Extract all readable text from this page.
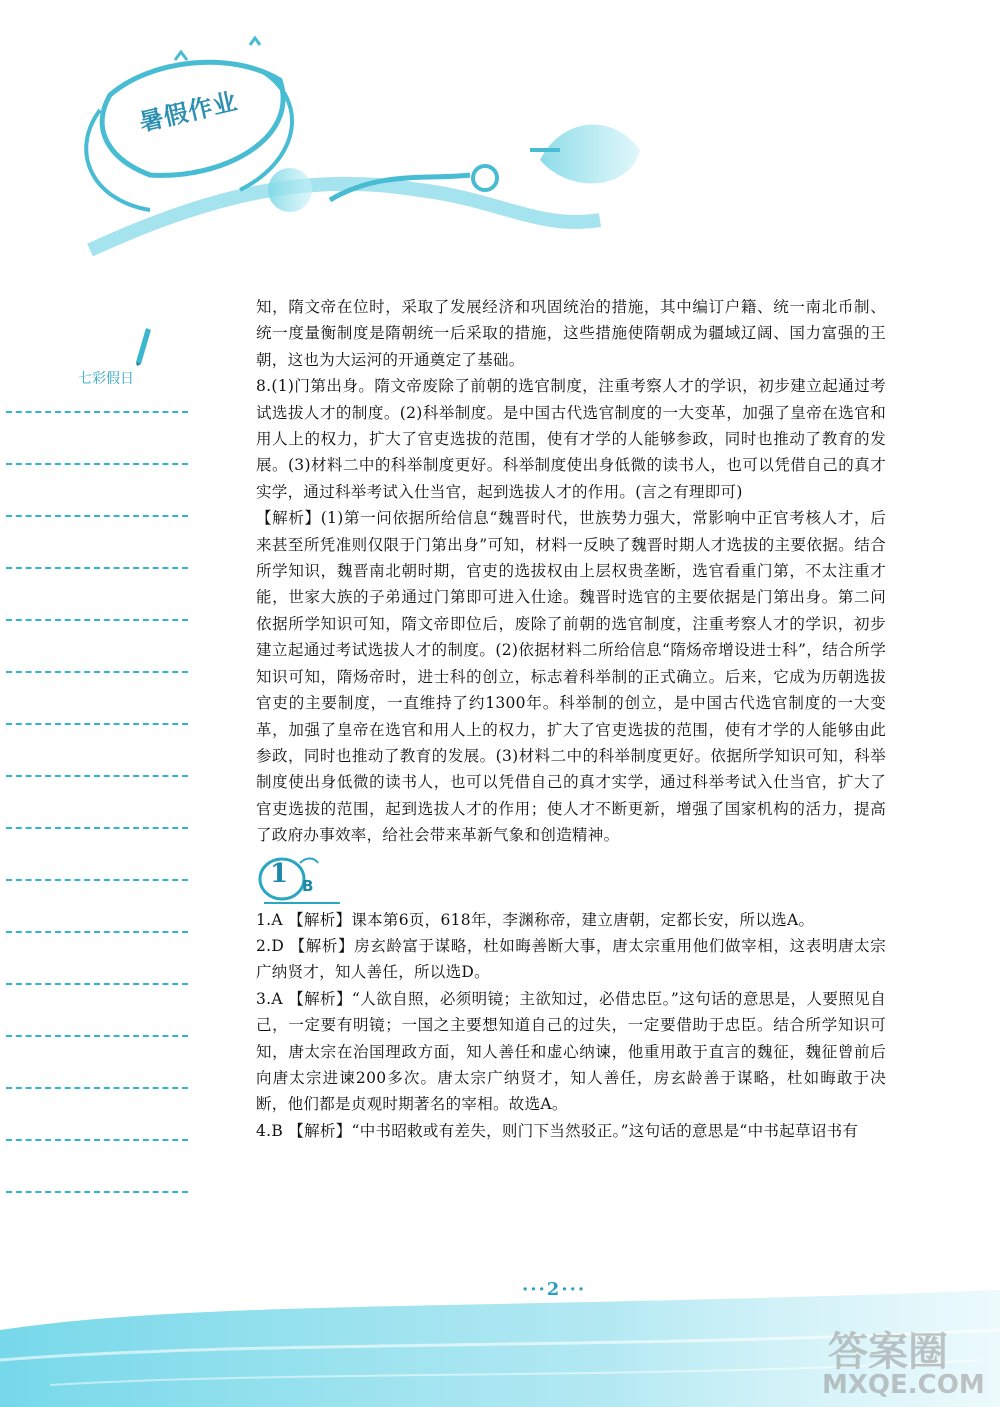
暑假作业
七彩假日

知，隋文帝在位时，采取了发展经济和巩固统治的措施，其中编订户籍、统一南北币制、统一度量衡制度是隋朝统一后采取的措施，这些措施使隋朝成为疆域辽阔、国力富强的王朝，这也为大运河的开通奠定了基础。

8.(1)门第出身。隋文帝废除了前朝的选官制度，注重考察人才的学识，初步建立起通过考试选拔人才的制度。(2)科举制度。是中国古代选官制度的一大变革，加强了皇帝在选官和用人上的权力，扩大了官吏选拔的范围，使有才学的人能够参政，同时也推动了教育的发展。(3)材料二中的科举制度更好。科举制度使出身低微的读书人，也可以凭借自己的真才实学，通过科举考试入仕当官，起到选拔人才的作用。(言之有理即可)

【解析】(1)第一问依据所给信息“魏晋时代，世族势力强大，常影响中正官考核人才，后来甚至所凭准则仅限于门第出身”可知，材料一反映了魏晋时期人才选拔的主要依据。结合所学知识，魏晋南北朝时期，官吏的选拔权由上层权贵垄断，选官看重门第，不太注重才能，世家大族的子弟通过门第即可进入仕途。魏晋时选官的主要依据是门第出身。第二问依据所学知识可知，隋文帝即位后，废除了前朝的选官制度，注重考察人才的学识，初步建立起通过考试选拔人才的制度。(2)依据材料二所给信息“隋炀帝增设进士科”，结合所学知识可知，隋炀帝时，进士科的创立，标志着科举制的正式确立。后来，它成为历朝选拔官吏的主要制度，一直维持了约1300年。科举制的创立，是中国古代选官制度的一大变革，加强了皇帝在选官和用人上的权力，扩大了官吏选拔的范围，使有才学的人能够由此参政，同时也推动了教育的发展。(3)材料二中的科举制度更好。依据所学知识可知，科举制度使出身低微的读书人，也可以凭借自己的真才实学，通过科举考试入仕当官，扩大了官吏选拔的范围，起到选拔人才的作用；使人才不断更新，增强了国家机构的活力，提高了政府办事效率，给社会带来革新气象和创造精神。

1 B

1.A 【解析】课本第6页，618年，李渊称帝，建立唐朝，定都长安，所以选A。

2.D 【解析】房玄龄富于谋略，杜如晦善断大事，唐太宗重用他们做宰相，这表明唐太宗广纳贤才，知人善任，所以选D。

3.A 【解析】“人欲自照，必须明镜；主欲知过，必借忠臣。”这句话的意思是，人要照见自己，一定要有明镜；一国之主要想知道自己的过失，一定要借助于忠臣。结合所学知识可知，唐太宗在治国理政方面，知人善任和虚心纳谏，他重用敢于直言的魏征，魏征曾前后向唐太宗进谏200多次。唐太宗广纳贤才，知人善任，房玄龄善于谋略，杜如晦敢于决断，他们都是贞观时期著名的宰相。故选A。

4.B 【解析】“中书昭敕或有差失，则门下当然驳正。”这句话的意思是“中书起草诏书有

···2···
答案圈
MXQE.COM
